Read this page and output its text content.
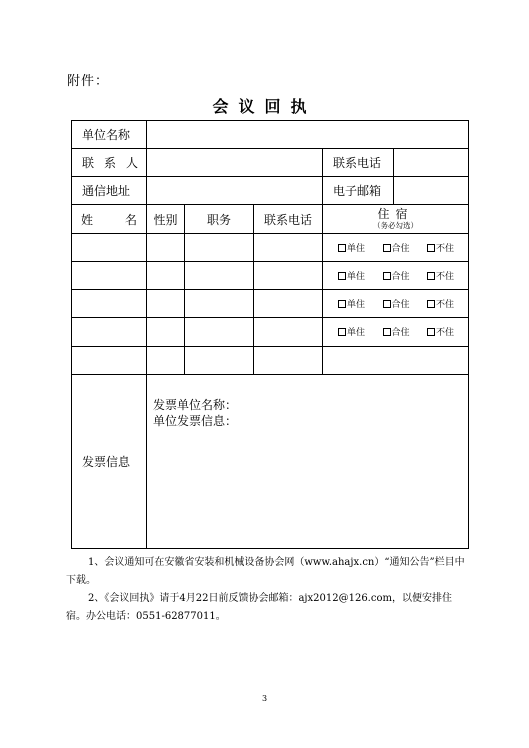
附件：
会议回执
单位名称					
联系人				联系电话	
通信地址				电子邮箱	

姓 名	性别	职务	联系电话	住宿
（务必勾选）	

				单住 合住 不住	

				单住 合住 不住	

				单住 合住 不住	

				单住 合住 不住	

发票信息	发票单位名称：
单位发票信息：				

1、会议通知可在安徽省安装和机械设备协会网（www.ahajx.cn）“通知公告”栏目中下载。

2、《会议回执》请于4月22日前反馈协会邮箱：ajx2012@126.com，以便安排住宿。办公电话：0551-62877011。

3
